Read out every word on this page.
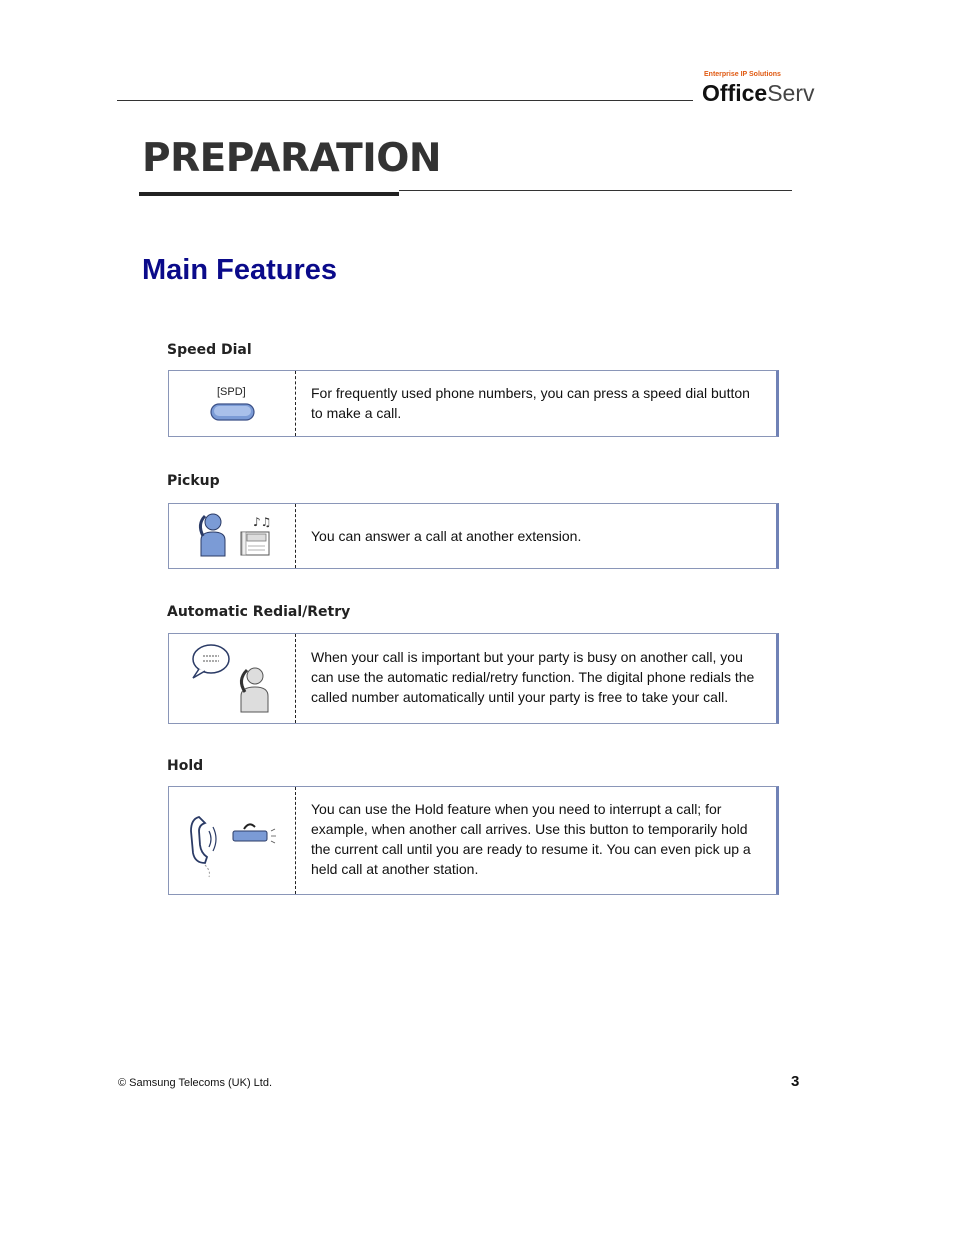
Enterprise IP Solutions
OfficeServ
PREPARATION
Main Features
Speed Dial
[SPD]	For frequently used phone numbers, you can press a speed dial button to make a call.
Pickup
♪♫
You can answer a call at another extension.
Automatic Redial/Retry
When your call is important but your party is busy on another call, you can use the automatic redial/retry function. The digital phone redials the called number automatically until your party is free to take your call.
Hold
You can use the Hold feature when you need to interrupt a call; for example, when another call arrives. Use this button to temporarily hold the current call until you are ready to resume it. You can even pick up a held call at another station.
© Samsung Telecoms (UK) Ltd.	3
